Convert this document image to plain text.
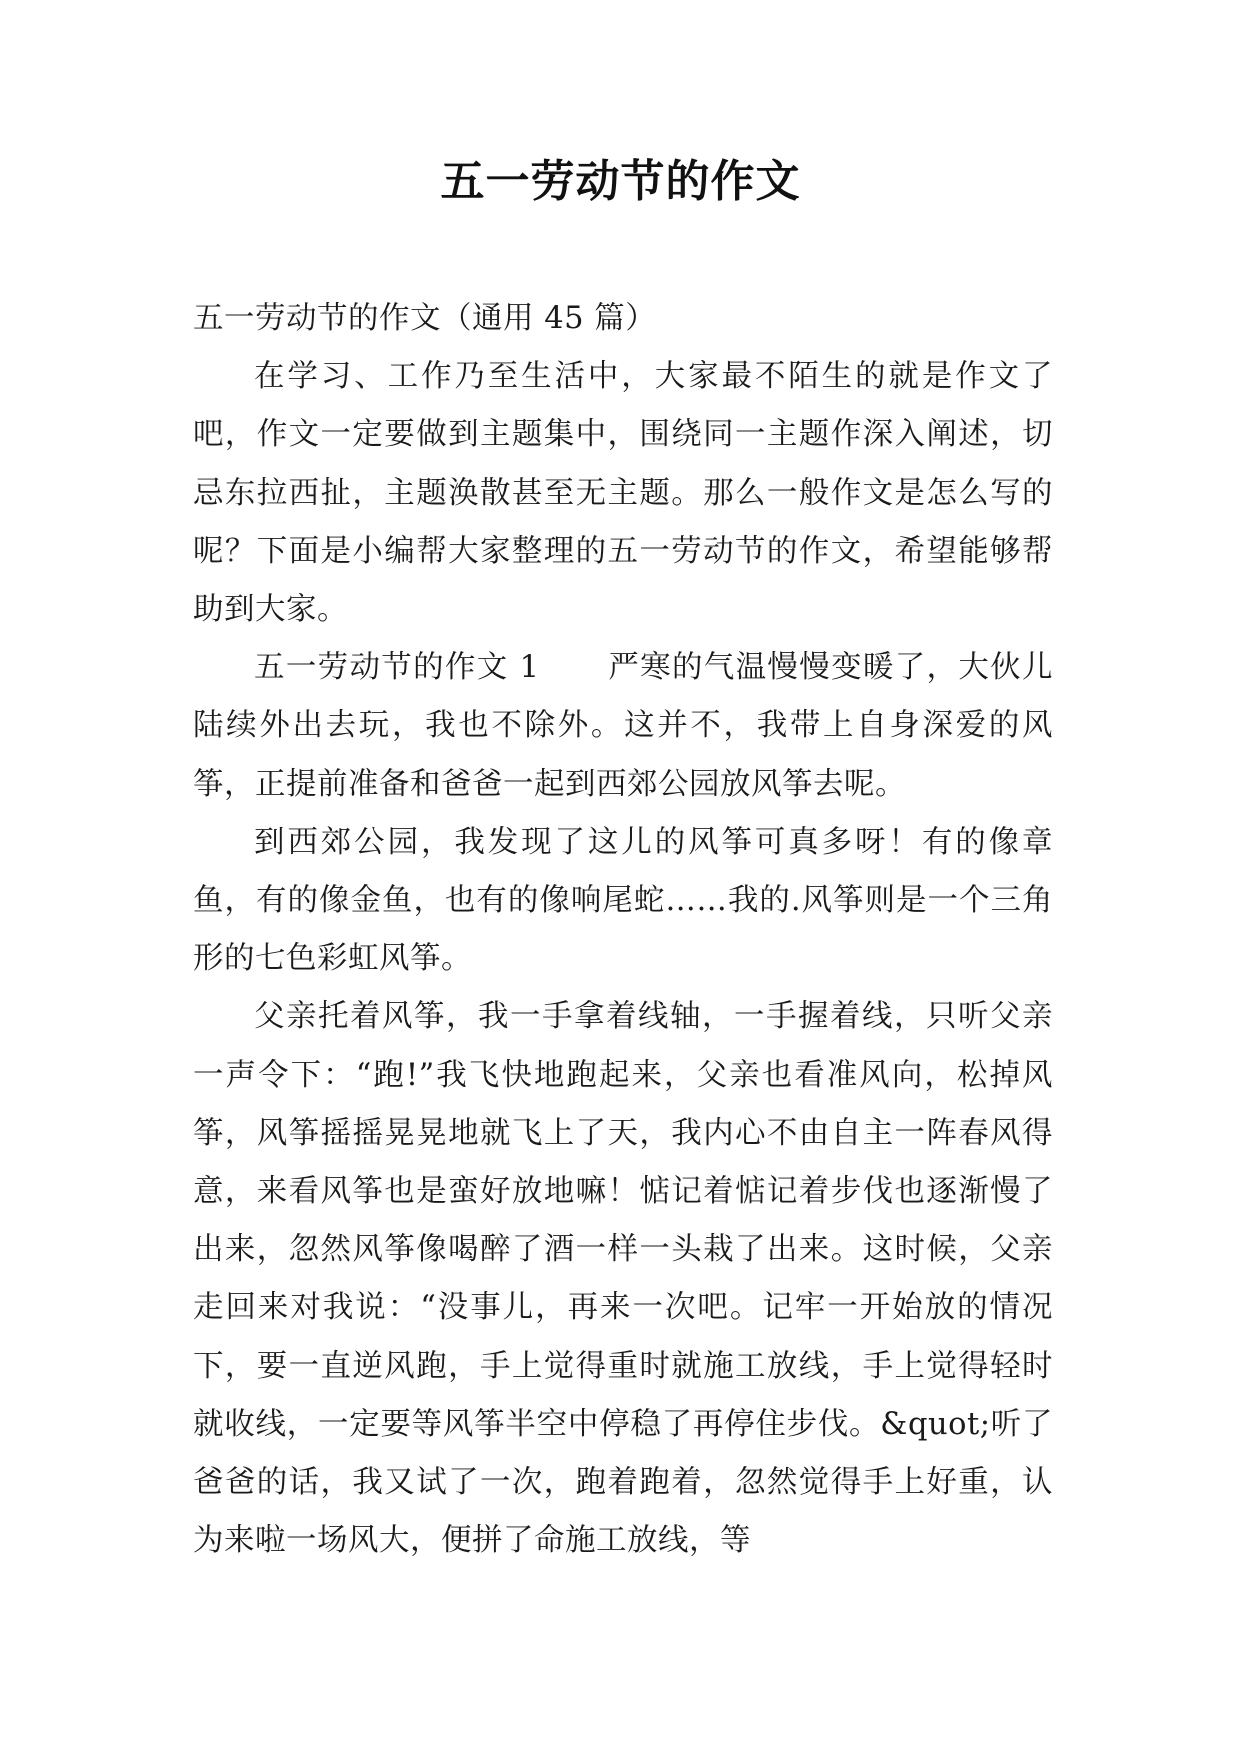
五一劳动节的作文

五一劳动节的作文（通用 45 篇）

在学习、工作乃至生活中，大家最不陌生的就是作文了吧，作文一定要做到主题集中，围绕同一主题作深入阐述，切忌东拉西扯，主题涣散甚至无主题。那么一般作文是怎么写的呢？下面是小编帮大家整理的五一劳动节的作文，希望能够帮助到大家。

五一劳动节的作文 1 严寒的气温慢慢变暖了，大伙儿陆续外出去玩，我也不除外。这并不，我带上自身深爱的风筝，正提前准备和爸爸一起到西郊公园放风筝去呢。

到西郊公园，我发现了这儿的风筝可真多呀！有的像章鱼，有的像金鱼，也有的像响尾蛇……我的.风筝则是一个三角形的七色彩虹风筝。

父亲托着风筝，我一手拿着线轴，一手握着线，只听父亲一声令下：“跑!”我飞快地跑起来，父亲也看准风向，松掉风筝，风筝摇摇晃晃地就飞上了天，我内心不由自主一阵春风得意，来看风筝也是蛮好放地嘛！惦记着惦记着步伐也逐渐慢了出来，忽然风筝像喝醉了酒一样一头栽了出来。这时候，父亲走回来对我说：“没事儿，再来一次吧。记牢一开始放的情况下，要一直逆风跑，手上觉得重时就施工放线，手上觉得轻时就收线，一定要等风筝半空中停稳了再停住步伐。&quot;听了爸爸的话，我又试了一次，跑着跑着，忽然觉得手上好重，认为来啦一场风大，便拼了命施工放线，等
